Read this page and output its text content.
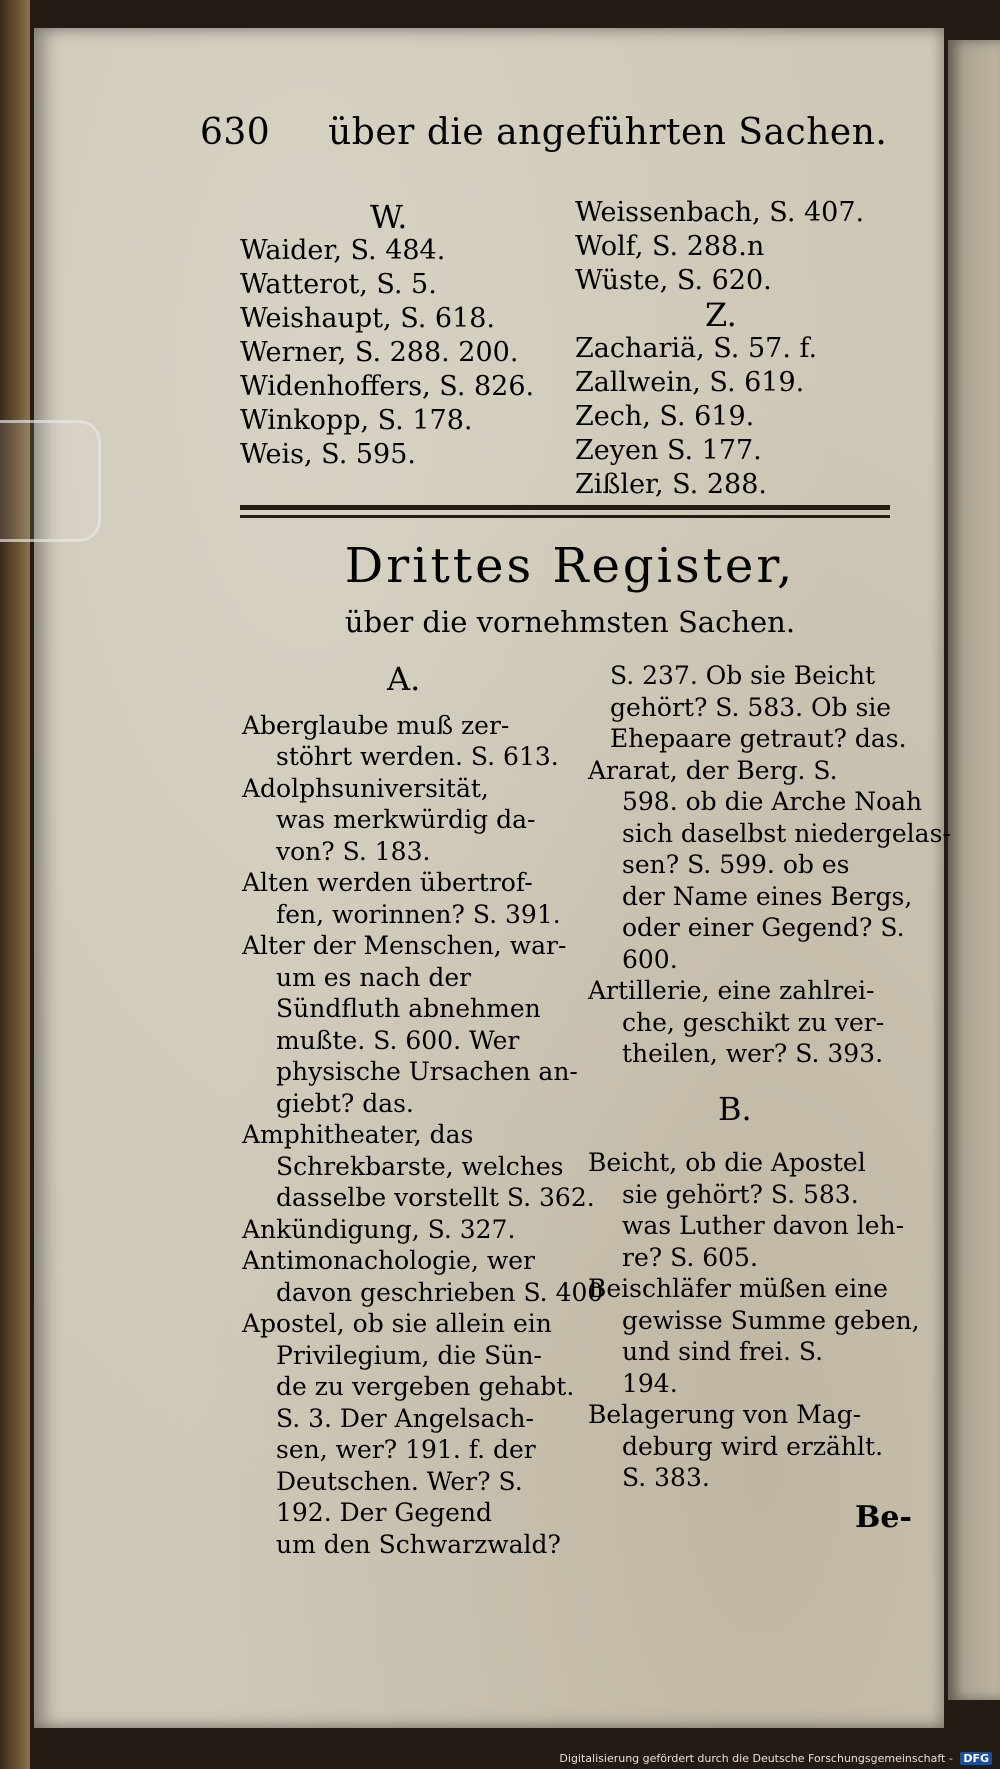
630 über die angeführten Sachen.
W.
Waider, S. 484.
Watterot, S. 5.
Weishaupt, S. 618.
Werner, S. 288. 200.
Widenhoffers, S. 826.
Winkopp, S. 178.
Weis, S. 595.
Weissenbach, S. 407.
Wolf, S. 288.n
Wüste, S. 620.
Z.
Zachariä, S. 57. f.
Zallwein, S. 619.
Zech, S. 619.
Zeyen S. 177.
Zißler, S. 288.
Drittes Register,
über die vornehmsten Sachen.
A.
Aberglaube muß zer-
stöhrt werden. S. 613.
Adolphsuniversität,
was merkwürdig da-
von? S. 183.
Alten werden übertrof-
fen, worinnen? S. 391.
Alter der Menschen, war-
um es nach der
Sündfluth abnehmen
mußte. S. 600. Wer
physische Ursachen an-
giebt? das.
Amphitheater, das
Schrekbarste, welches
dasselbe vorstellt S. 362.
Ankündigung, S. 327.
Antimonachologie, wer
davon geschrieben S. 400
Apostel, ob sie allein ein
Privilegium, die Sün-
de zu vergeben gehabt.
S. 3. Der Angelsach-
sen, wer? 191. f. der
Deutschen. Wer? S.
192. Der Gegend
um den Schwarzwald?
S. 237. Ob sie Beicht
gehört? S. 583. Ob sie
Ehepaare getraut? das.
Ararat, der Berg. S.
598. ob die Arche Noah
sich daselbst niedergelas-
sen? S. 599. ob es
der Name eines Bergs,
oder einer Gegend? S.
600.
Artillerie, eine zahlrei-
che, geschikt zu ver-
theilen, wer? S. 393.
B.
Beicht, ob die Apostel
sie gehört? S. 583.
was Luther davon leh-
re? S. 605.
Beischläfer müßen eine
gewisse Summe geben,
und sind frei. S.
194.
Belagerung von Mag-
deburg wird erzählt.
S. 383.
Be-
Digitalisierung gefördert durch die Deutsche Forschungsgemeinschaft - DFG
